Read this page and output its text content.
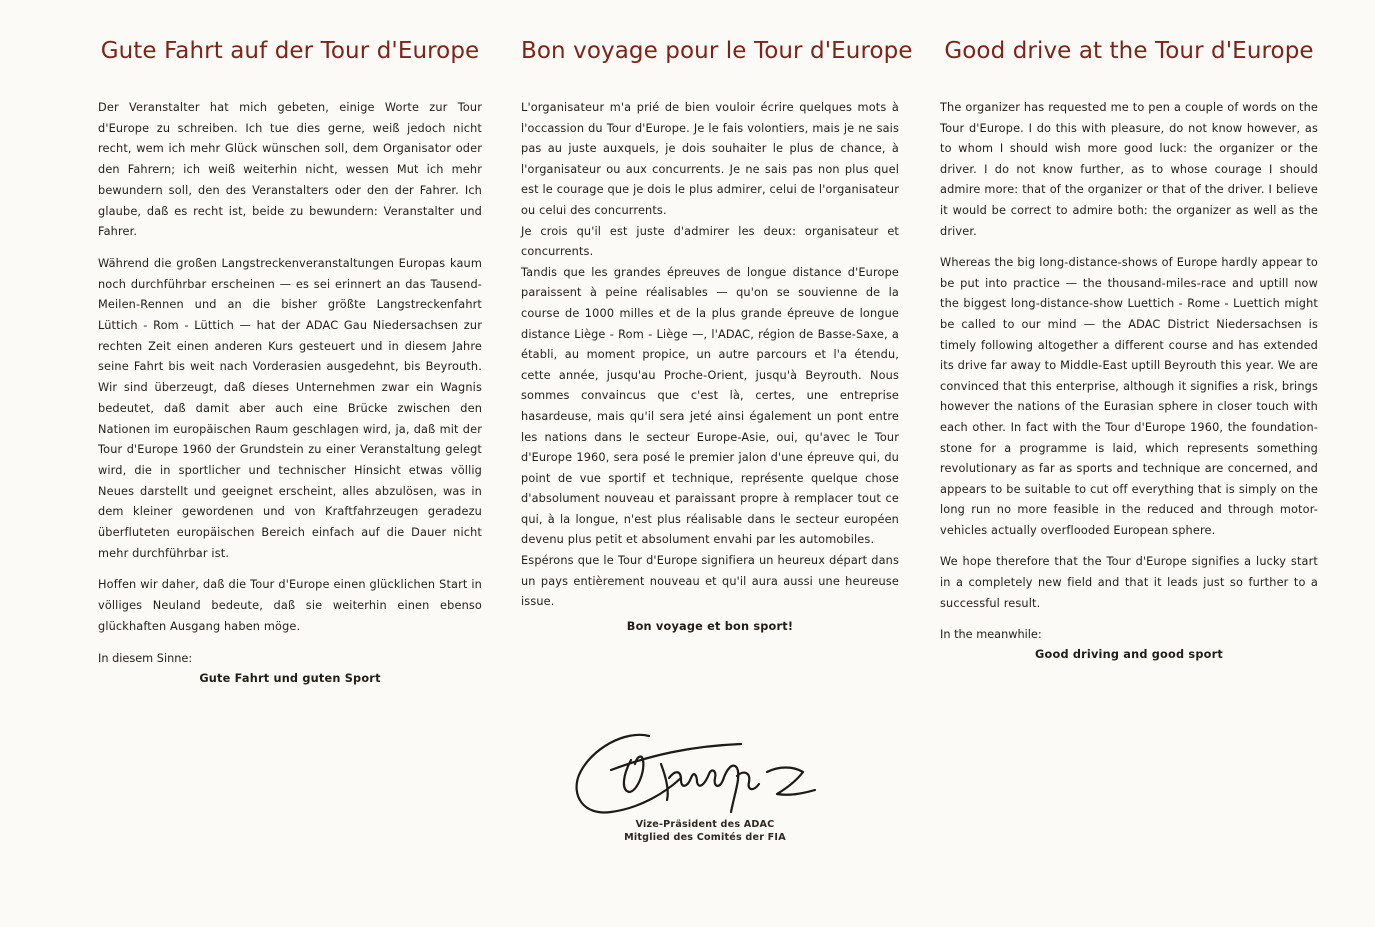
Gute Fahrt auf der Tour d'Europe

Der Veranstalter hat mich gebeten, einige Worte zur Tour d'Europe zu schreiben. Ich tue dies gerne, weiß jedoch nicht recht, wem ich mehr Glück wünschen soll, dem Organisator oder den Fahrern; ich weiß weiterhin nicht, wessen Mut ich mehr bewundern soll, den des Veranstalters oder den der Fahrer. Ich glaube, daß es recht ist, beide zu bewundern: Veranstalter und Fahrer.

Während die großen Langstreckenveranstaltungen Europas kaum noch durchführbar erscheinen — es sei erinnert an das Tausend-Meilen-Rennen und an die bisher größte Langstreckenfahrt Lüttich - Rom - Lüttich — hat der ADAC Gau Niedersachsen zur rechten Zeit einen anderen Kurs gesteuert und in diesem Jahre seine Fahrt bis weit nach Vorderasien ausgedehnt, bis Beyrouth. Wir sind überzeugt, daß dieses Unternehmen zwar ein Wagnis bedeutet, daß damit aber auch eine Brücke zwischen den Nationen im europäischen Raum geschlagen wird, ja, daß mit der Tour d'Europe 1960 der Grundstein zu einer Veranstaltung gelegt wird, die in sportlicher und technischer Hinsicht etwas völlig Neues darstellt und geeignet erscheint, alles abzulösen, was in dem kleiner gewordenen und von Kraftfahrzeugen geradezu überfluteten europäischen Bereich einfach auf die Dauer nicht mehr durchführbar ist.

Hoffen wir daher, daß die Tour d'Europe einen glücklichen Start in völliges Neuland bedeute, daß sie weiterhin einen ebenso glückhaften Ausgang haben möge.

In diesem Sinne:

Gute Fahrt und guten Sport

Bon voyage pour le Tour d'Europe

L'organisateur m'a prié de bien vouloir écrire quelques mots à l'occassion du Tour d'Europe. Je le fais volontiers, mais je ne sais pas au juste auxquels, je dois souhaiter le plus de chance, à l'organisateur ou aux concurrents. Je ne sais pas non plus quel est le courage que je dois le plus admirer, celui de l'organisateur ou celui des concurrents.

Je crois qu'il est juste d'admirer les deux: organisateur et concurrents.

Tandis que les grandes épreuves de longue distance d'Europe paraissent à peine réalisables — qu'on se souvienne de la course de 1000 milles et de la plus grande épreuve de longue distance Liège - Rom - Liège —, l'ADAC, région de Basse-Saxe, a établi, au moment propice, un autre parcours et l'a étendu, cette année, jusqu'au Proche-Orient, jusqu'à Beyrouth. Nous sommes convaincus que c'est là, certes, une entreprise hasardeuse, mais qu'il sera jeté ainsi également un pont entre les nations dans le secteur Europe-Asie, oui, qu'avec le Tour d'Europe 1960, sera posé le premier jalon d'une épreuve qui, du point de vue sportif et technique, représente quelque chose d'absolument nouveau et paraissant propre à remplacer tout ce qui, à la longue, n'est plus réalisable dans le secteur européen devenu plus petit et absolument envahi par les automobiles.

Espérons que le Tour d'Europe signifiera un heureux départ dans un pays entièrement nouveau et qu'il aura aussi une heureuse issue.

Bon voyage et bon sport!

Good drive at the Tour d'Europe

The organizer has requested me to pen a couple of words on the Tour d'Europe. I do this with pleasure, do not know however, as to whom I should wish more good luck: the organizer or the driver. I do not know further, as to whose courage I should admire more: that of the organizer or that of the driver. I believe it would be correct to admire both: the organizer as well as the driver.

Whereas the big long-distance-shows of Europe hardly appear to be put into practice — the thousand-miles-race and uptill now the biggest long-distance-show Luettich - Rome - Luettich might be called to our mind — the ADAC District Niedersachsen is timely following altogether a different course and has extended its drive far away to Middle-East uptill Beyrouth this year. We are convinced that this enterprise, although it signifies a risk, brings however the nations of the Eurasian sphere in closer touch with each other. In fact with the Tour d'Europe 1960, the foundation-stone for a programme is laid, which represents something revolutionary as far as sports and technique are concerned, and appears to be suitable to cut off everything that is simply on the long run no more feasible in the reduced and through motor-vehicles actually overflooded European sphere.

We hope therefore that the Tour d'Europe signifies a lucky start in a completely new field and that it leads just so further to a successful result.

In the meanwhile:

Good driving and good sport

Vize-Präsident des ADAC
Mitglied des Comités der FIA
